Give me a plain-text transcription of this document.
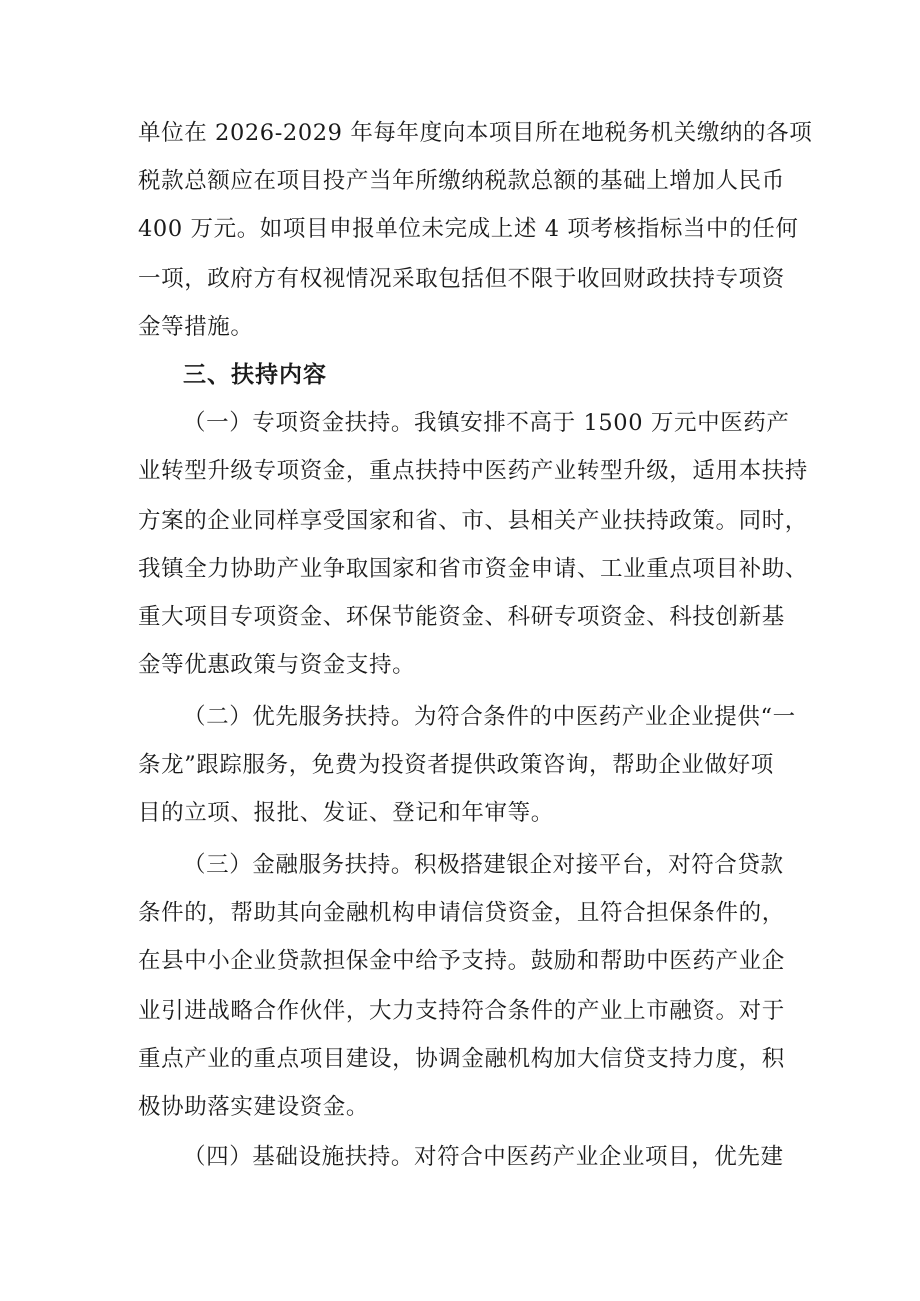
单位在 2026-2029 年每年度向本项目所在地税务机关缴纳的各项
税款总额应在项目投产当年所缴纳税款总额的基础上增加人民币
400 万元。如项目申报单位未完成上述 4 项考核指标当中的任何
一项，政府方有权视情况采取包括但不限于收回财政扶持专项资
金等措施。
三、扶持内容
（一）专项资金扶持。我镇安排不高于 1500 万元中医药产
业转型升级专项资金，重点扶持中医药产业转型升级，适用本扶持
方案的企业同样享受国家和省、市、县相关产业扶持政策。同时，
我镇全力协助产业争取国家和省市资金申请、工业重点项目补助、
重大项目专项资金、环保节能资金、科研专项资金、科技创新基
金等优惠政策与资金支持。
（二）优先服务扶持。为符合条件的中医药产业企业提供“一
条龙”跟踪服务，免费为投资者提供政策咨询，帮助企业做好项
目的立项、报批、发证、登记和年审等。
（三）金融服务扶持。积极搭建银企对接平台，对符合贷款
条件的，帮助其向金融机构申请信贷资金，且符合担保条件的，
在县中小企业贷款担保金中给予支持。鼓励和帮助中医药产业企
业引进战略合作伙伴，大力支持符合条件的产业上市融资。对于
重点产业的重点项目建设，协调金融机构加大信贷支持力度，积
极协助落实建设资金。
（四）基础设施扶持。对符合中医药产业企业项目，优先建
